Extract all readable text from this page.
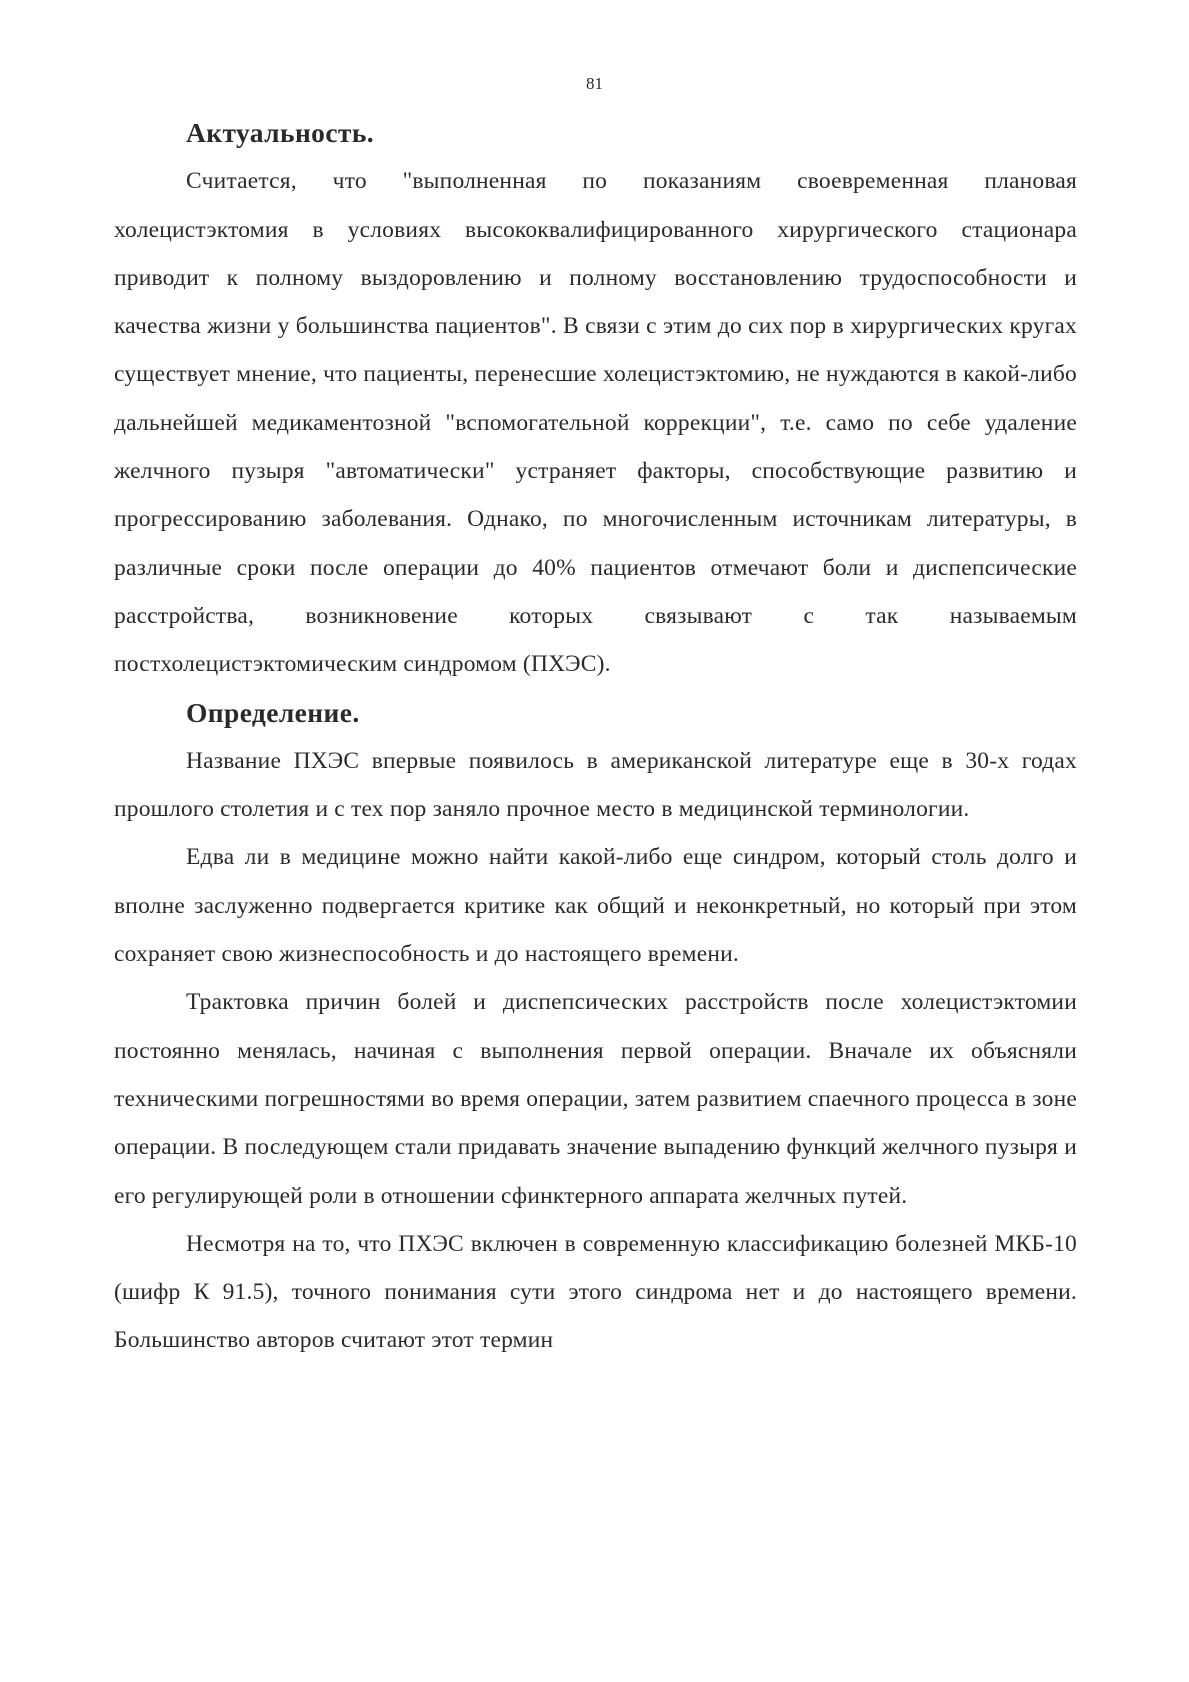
81
Актуальность.

Считается, что "выполненная по показаниям своевременная плановая холецистэктомия в условиях высококвалифицированного хирургического стационара приводит к полному выздоровлению и полному восстановлению трудоспособности и качества жизни у большинства пациентов". В связи с этим до сих пор в хирургических кругах существует мнение, что пациенты, перенесшие холецистэктомию, не нуждаются в какой-либо дальнейшей медикаментозной "вспомогательной коррекции", т.е. само по себе удаление желчного пузыря "автоматически" устраняет факторы, способствующие развитию и прогрессированию заболевания. Однако, по многочисленным источникам литературы, в различные сроки после операции до 40% пациентов отмечают боли и диспепсические расстройства, возникновение которых связывают с так называемым постхолецистэктомическим синдромом (ПХЭС).

Определение.

Название ПХЭС впервые появилось в американской литературе еще в 30-х годах прошлого столетия и с тех пор заняло прочное место в медицинской терминологии.

Едва ли в медицине можно найти какой-либо еще синдром, который столь долго и вполне заслуженно подвергается критике как общий и неконкретный, но который при этом сохраняет свою жизнеспособность и до настоящего времени.

Трактовка причин болей и диспепсических расстройств после холецистэктомии постоянно менялась, начиная с выполнения первой операции. Вначале их объясняли техническими погрешностями во время операции, затем развитием спаечного процесса в зоне операции. В последующем стали придавать значение выпадению функций желчного пузыря и его регулирующей роли в отношении сфинктерного аппарата желчных путей.

Несмотря на то, что ПХЭС включен в современную классификацию болезней МКБ-10 (шифр К 91.5), точного понимания сути этого синдрома нет и до настоящего времени. Большинство авторов считают этот термин
